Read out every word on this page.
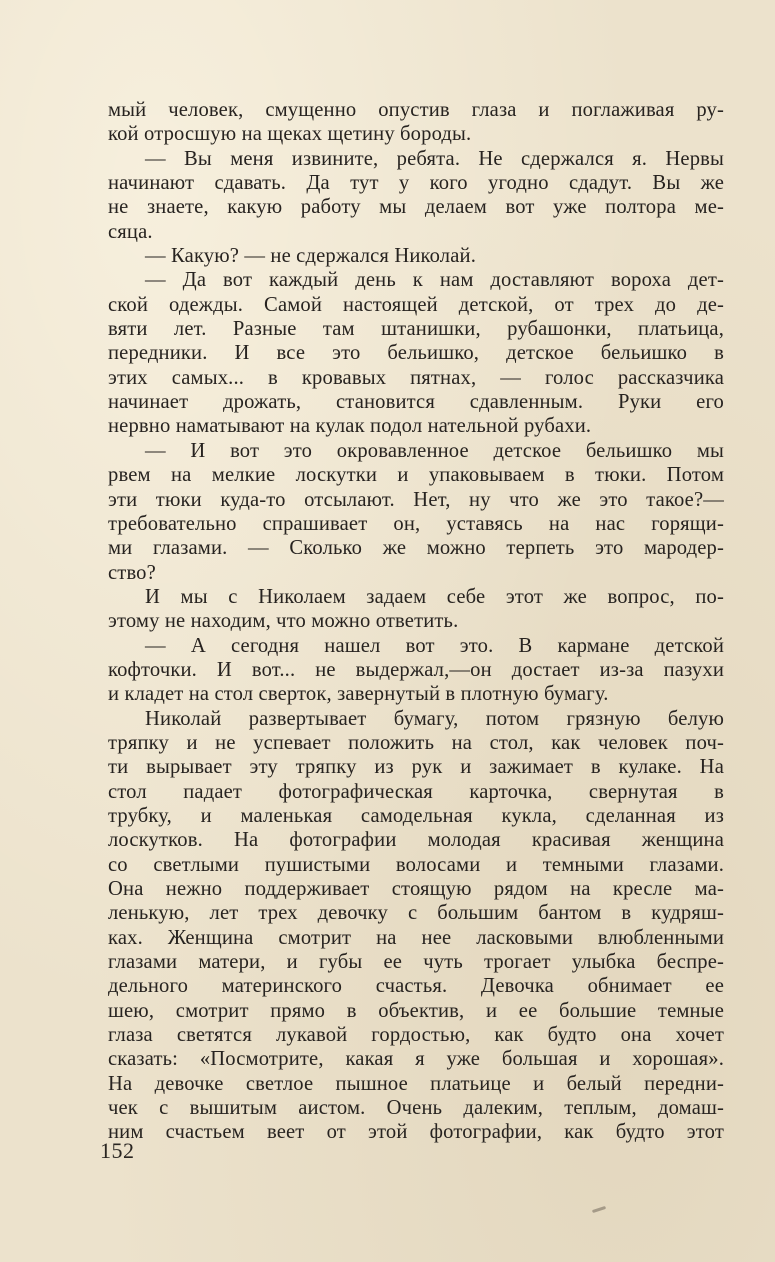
мый человек, смущенно опустив глаза и поглаживая ру-
кой отросшую на щеках щетину бороды.
— Вы меня извините, ребята. Не сдержался я. Нервы
начинают сдавать. Да тут у кого угодно сдадут. Вы же
не знаете, какую работу мы делаем вот уже полтора ме-
сяца.
— Какую? — не сдержался Николай.
— Да вот каждый день к нам доставляют вороха дет-
ской одежды. Самой настоящей детской, от трех до де-
вяти лет. Разные там штанишки, рубашонки, платьица,
передники. И все это бельишко, детское бельишко в
этих самых... в кровавых пятнах, — голос рассказчика
начинает дрожать, становится сдавленным. Руки его
нервно наматывают на кулак подол нательной рубахи.
— И вот это окровавленное детское бельишко мы
рвем на мелкие лоскутки и упаковываем в тюки. Потом
эти тюки куда-то отсылают. Нет, ну что же это такое?—
требовательно спрашивает он, уставясь на нас горящи-
ми глазами. — Сколько же можно терпеть это мародер-
ство?
И мы с Николаем задаем себе этот же вопрос, по-
этому не находим, что можно ответить.
— А сегодня нашел вот это. В кармане детской
кофточки. И вот... не выдержал,—он достает из-за пазухи
и кладет на стол сверток, завернутый в плотную бумагу.
Николай развертывает бумагу, потом грязную белую
тряпку и не успевает положить на стол, как человек поч-
ти вырывает эту тряпку из рук и зажимает в кулаке. На
стол падает фотографическая карточка, свернутая в
трубку, и маленькая самодельная кукла, сделанная из
лоскутков. На фотографии молодая красивая женщина
со светлыми пушистыми волосами и темными глазами.
Она нежно поддерживает стоящую рядом на кресле ма-
ленькую, лет трех девочку с большим бантом в кудряш-
ках. Женщина смотрит на нее ласковыми влюбленными
глазами матери, и губы ее чуть трогает улыбка беспре-
дельного материнского счастья. Девочка обнимает ее
шею, смотрит прямо в объектив, и ее большие темные
глаза светятся лукавой гордостью, как будто она хочет
сказать: «Посмотрите, какая я уже большая и хорошая».
На девочке светлое пышное платьице и белый передни-
чек с вышитым аистом. Очень далеким, теплым, домаш-
ним счастьем веет от этой фотографии, как будто этот
152
